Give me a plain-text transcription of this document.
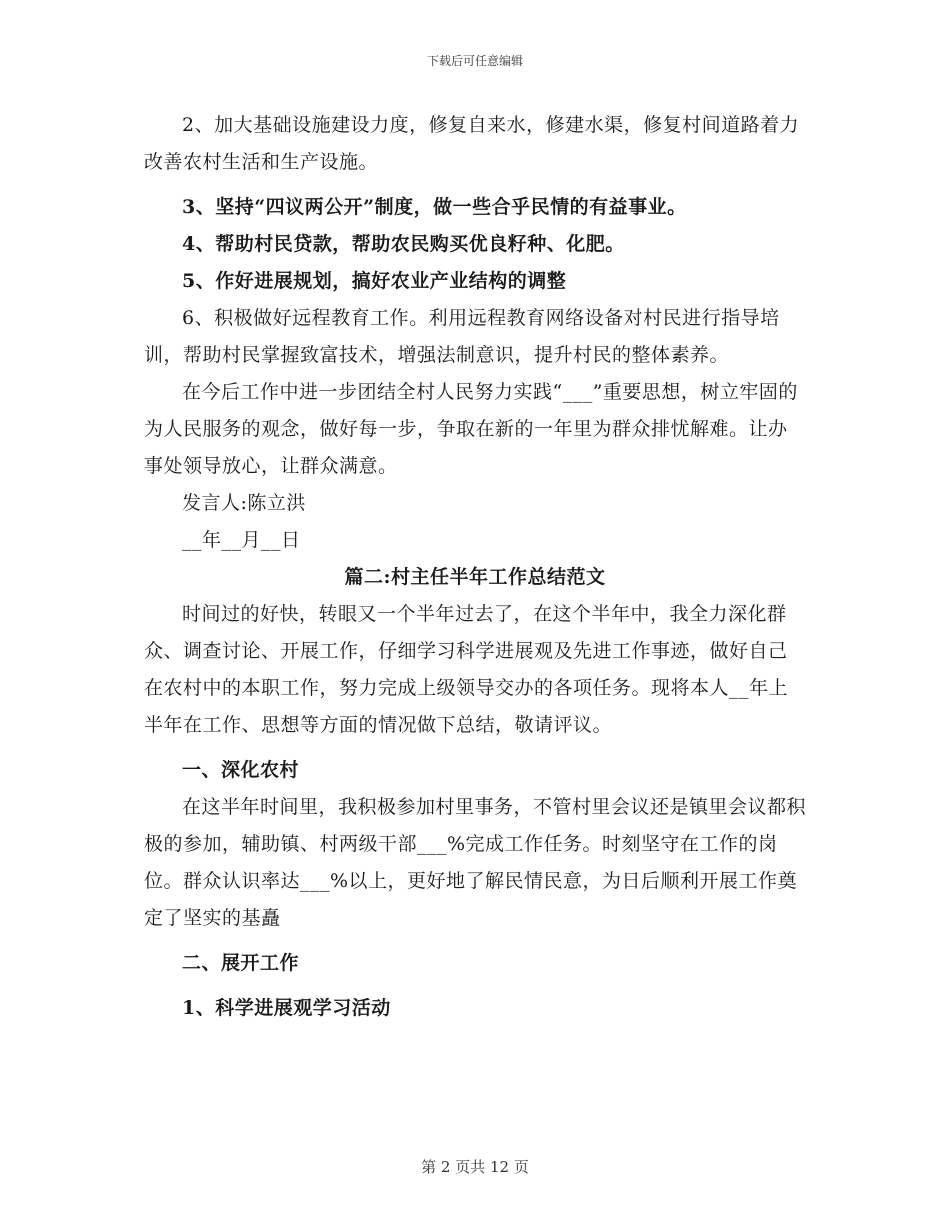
下载后可任意编辑

2、加大基础设施建设力度，修复自来水，修建水渠，修复村间道路着力改善农村生活和生产设施。

3、坚持“四议两公开”制度，做一些合乎民情的有益事业。

4、帮助村民贷款，帮助农民购买优良籽种、化肥。

5、作好进展规划，搞好农业产业结构的调整

6、积极做好远程教育工作。利用远程教育网络设备对村民进行指导培训，帮助村民掌握致富技术，增强法制意识，提升村民的整体素养。

在今后工作中进一步团结全村人民努力实践“___”重要思想，树立牢固的为人民服务的观念，做好每一步，争取在新的一年里为群众排忧解难。让办事处领导放心，让群众满意。

发言人:陈立洪

__年__月__日

篇二:村主任半年工作总结范文

时间过的好快，转眼又一个半年过去了，在这个半年中，我全力深化群众、调查讨论、开展工作，仔细学习科学进展观及先进工作事迹，做好自己在农村中的本职工作，努力完成上级领导交办的各项任务。现将本人__年上半年在工作、思想等方面的情况做下总结，敬请评议。

一、深化农村

在这半年时间里，我积极参加村里事务，不管村里会议还是镇里会议都积极的参加，辅助镇、村两级干部___%完成工作任务。时刻坚守在工作的岗位。群众认识率达___%以上，更好地了解民情民意，为日后顺利开展工作奠定了坚实的基矗

二、展开工作

1、科学进展观学习活动

第 2 页共 12 页
